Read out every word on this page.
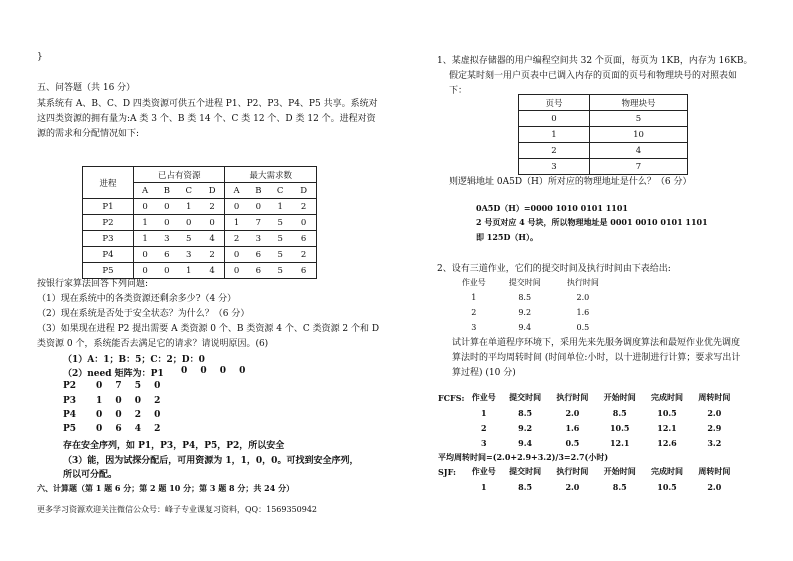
}
五、问答题（共 16 分）
某系统有 A、B、C、D 四类资源可供五个进程 P1、P2、P3、P4、P5 共享。系统对
这四类资源的拥有量为:A 类 3 个、B 类 14 个、C 类 12 个、D 类 12 个。进程对资
源的需求和分配情况如下:
进程	已占有资源				最大需求数			
	A	B	C	D	A	B	C	D
P1	0	0	1	2	0	0	1	2
P2	1	0	0	0	1	7	5	0
P3	1	3	5	4	2	3	5	6
P4	0	6	3	2	0	6	5	2
P5	0	0	1	4	0	6	5	6
按银行家算法回答下列问题:
（1）现在系统中的各类资源还剩余多少?（4 分）
（2）现在系统是否处于安全状态？为什么？（6 分）
（3）如果现在进程 P2 提出需要 A 类资源 0 个、B 类资源 4 个、C 类资源 2 个和 D
类资源 0 个，系统能否去满足它的请求？请说明原因。(6)
（1）A：1；B：5；C：2；D：0
（2）need 矩阵为：P1 0 0 0 0
P2 0 7 5 0
P3 1 0 0 2
P4 0 0 2 0
P5 0 6 4 2
存在安全序列，如 P1，P3，P4，P5，P2，所以安全
（3）能，因为试探分配后，可用资源为 1，1，0，0。可找到安全序列，
所以可分配。
六、计算题（第 1 题 6 分；第 2 题 10 分；第 3 题 8 分；共 24 分）
更多学习资源欢迎关注微信公众号：峰子专业课复习资料，QQ：1569350942
1、某虚拟存储器的用户编程空间共 32 个页面，每页为 1KB，内存为 16KB。
假定某时刻一用户页表中已调入内存的页面的页号和物理块号的对照表如
下：
页号	物理块号
0	5
1	10
2	4
3	7
则逻辑地址 0A5D（H）所对应的物理地址是什么？（6 分）
0A5D（H）=0000 1010 0101 1101
2 号页对应 4 号块，所以物理地址是 0001 0010 0101 1101
即 125D（H）。
2、设有三道作业，它们的提交时间及执行时间由下表给出:
作业号	提交时间	执行时间
1	8.5	2.0
2	9.2	1.6
3	9.4	0.5
试计算在单道程序环境下，采用先来先服务调度算法和最短作业优先调度
算法时的平均周转时间 (时间单位:小时，以十进制进行计算；要求写出计
算过程) (10 分)
FCFS: 作业号	提交时间	执行时间	开始时间	完成时间	周转时间
1	8.5	2.0	8.5	10.5	2.0
2	9.2	1.6	10.5	12.1	2.9
3	9.4	0.5	12.1	12.6	3.2
平均周转时间=(2.0+2.9+3.2)/3=2.7(小时)
SJF: 作业号	提交时间	执行时间	开始时间	完成时间	周转时间
1	8.5	2.0	8.5	10.5	2.0
